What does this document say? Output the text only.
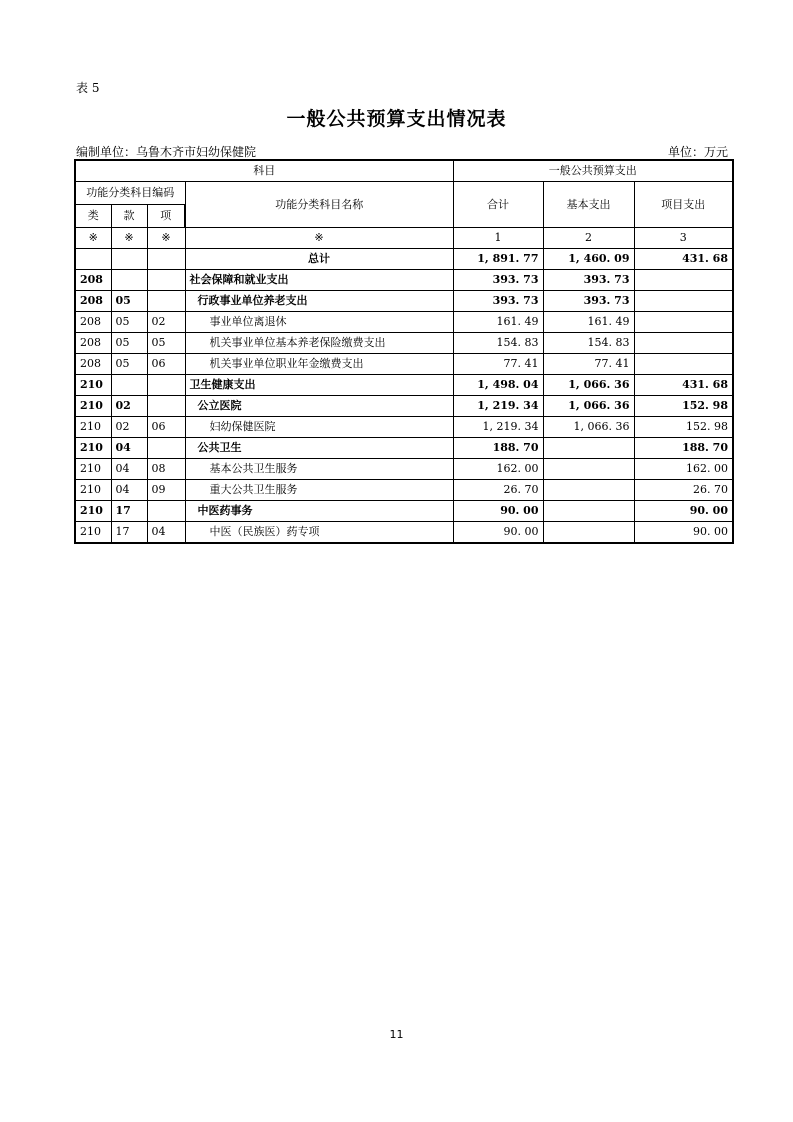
表 5
一般公共预算支出情况表
编制单位：乌鲁木齐市妇幼保健院	单位：万元
科目				一般公共预算支出		
功能分类科目编码			功能分类科目名称	合计	基本支出	项目支出
类	款	项				
※	※	※	※	1	2	3
			总计	1, 891. 77	1, 460. 09	431. 68
208			社会保障和就业支出	393. 73	393. 73	
208	05		行政事业单位养老支出	393. 73	393. 73	
208	05	02	事业单位离退休	161. 49	161. 49	
208	05	05	机关事业单位基本养老保险缴费支出	154. 83	154. 83	
208	05	06	机关事业单位职业年金缴费支出	77. 41	77. 41	
210			卫生健康支出	1, 498. 04	1, 066. 36	431. 68
210	02		公立医院	1, 219. 34	1, 066. 36	152. 98
210	02	06	妇幼保健医院	1, 219. 34	1, 066. 36	152. 98
210	04		公共卫生	188. 70		188. 70
210	04	08	基本公共卫生服务	162. 00		162. 00
210	04	09	重大公共卫生服务	26. 70		26. 70
210	17		中医药事务	90. 00		90. 00
210	17	04	中医（民族医）药专项	90. 00		90. 00
11
